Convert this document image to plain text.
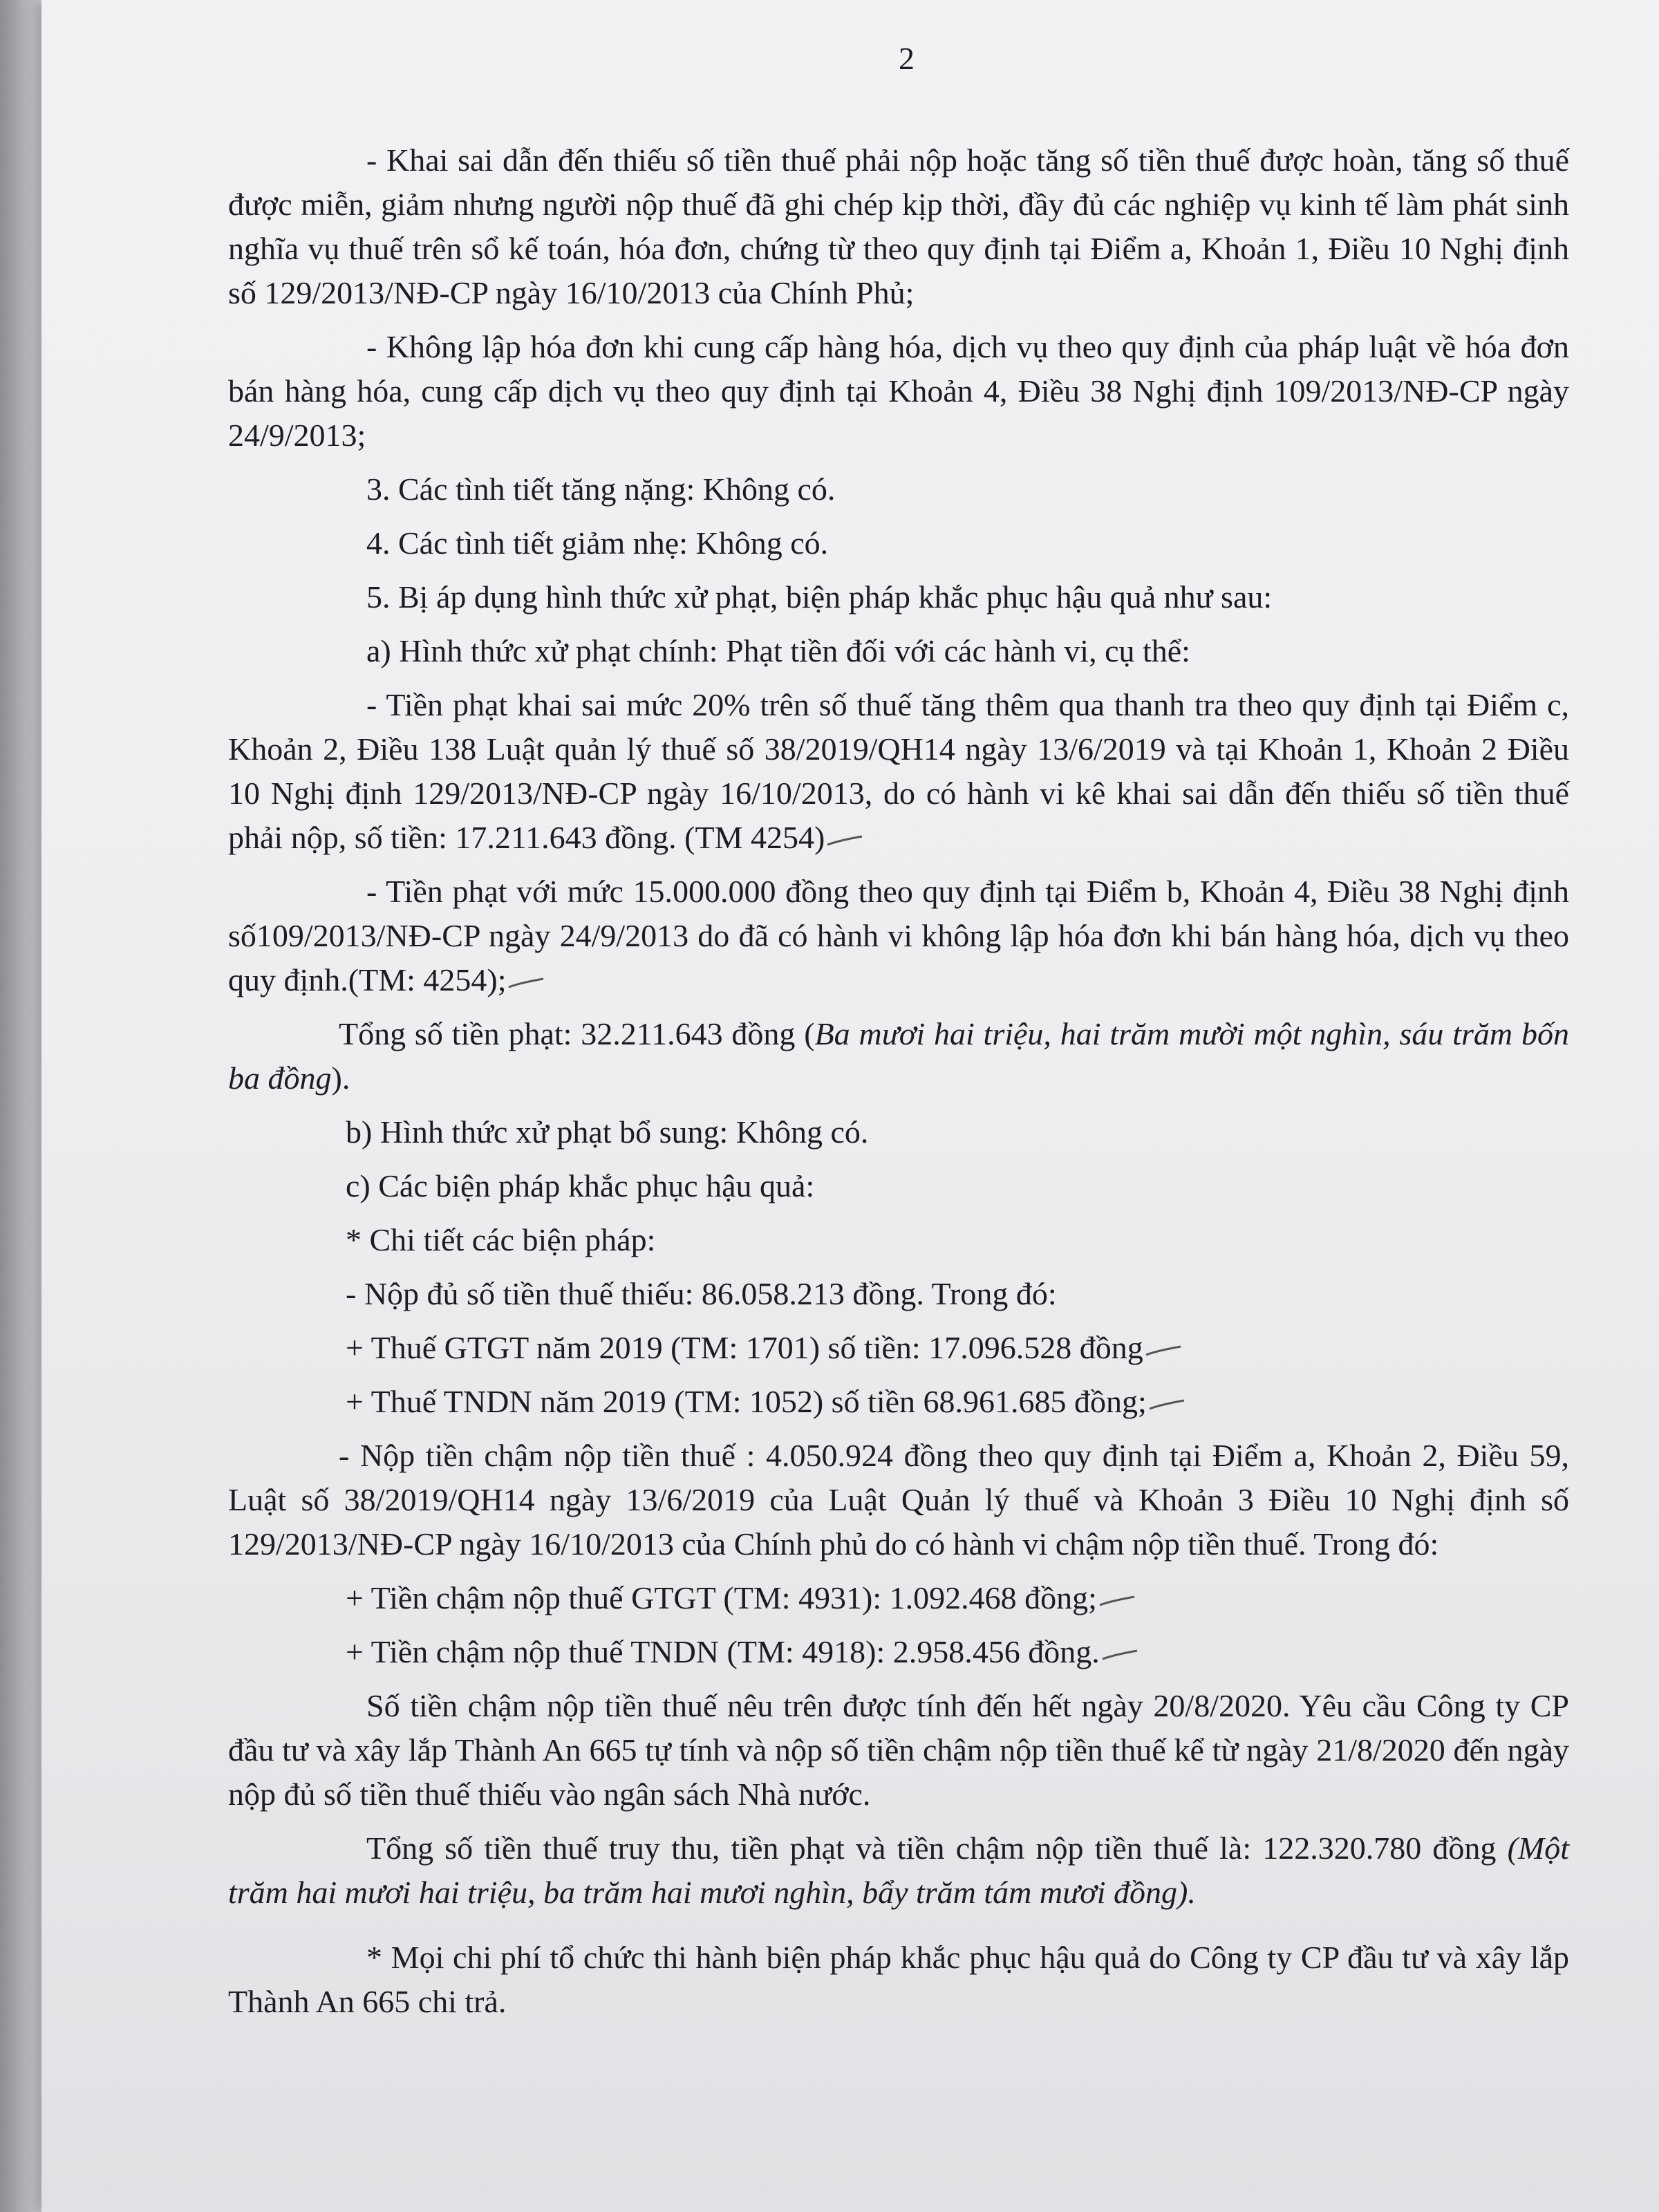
2

- Khai sai dẫn đến thiếu số tiền thuế phải nộp hoặc tăng số tiền thuế được hoàn, tăng số thuế được miễn, giảm nhưng người nộp thuế đã ghi chép kịp thời, đầy đủ các nghiệp vụ kinh tế làm phát sinh nghĩa vụ thuế trên sổ kế toán, hóa đơn, chứng từ theo quy định tại Điểm a, Khoản 1, Điều 10 Nghị định số 129/2013/NĐ-CP ngày 16/10/2013 của Chính Phủ;

- Không lập hóa đơn khi cung cấp hàng hóa, dịch vụ theo quy định của pháp luật về hóa đơn bán hàng hóa, cung cấp dịch vụ theo quy định tại Khoản 4, Điều 38 Nghị định 109/2013/NĐ-CP ngày 24/9/2013;

3. Các tình tiết tăng nặng: Không có.

4. Các tình tiết giảm nhẹ: Không có.

5. Bị áp dụng hình thức xử phạt, biện pháp khắc phục hậu quả như sau:

a) Hình thức xử phạt chính: Phạt tiền đối với các hành vi, cụ thể:

- Tiền phạt khai sai mức 20% trên số thuế tăng thêm qua thanh tra theo quy định tại Điểm c, Khoản 2, Điều 138 Luật quản lý thuế số 38/2019/QH14 ngày 13/6/2019 và tại Khoản 1, Khoản 2 Điều 10 Nghị định 129/2013/NĐ-CP ngày 16/10/2013, do có hành vi kê khai sai dẫn đến thiếu số tiền thuế phải nộp, số tiền: 17.211.643 đồng. (TM 4254)

- Tiền phạt với mức 15.000.000 đồng theo quy định tại Điểm b, Khoản 4, Điều 38 Nghị định số109/2013/NĐ-CP ngày 24/9/2013 do đã có hành vi không lập hóa đơn khi bán hàng hóa, dịch vụ theo quy định.(TM: 4254);

Tổng số tiền phạt: 32.211.643 đồng (Ba mươi hai triệu, hai trăm mười một nghìn, sáu trăm bốn ba đồng).

b) Hình thức xử phạt bổ sung: Không có.

c) Các biện pháp khắc phục hậu quả:

* Chi tiết các biện pháp:

- Nộp đủ số tiền thuế thiếu: 86.058.213 đồng. Trong đó:

+ Thuế GTGT năm 2019 (TM: 1701) số tiền: 17.096.528 đồng

+ Thuế TNDN năm 2019 (TM: 1052) số tiền 68.961.685 đồng;

- Nộp tiền chậm nộp tiền thuế : 4.050.924 đồng theo quy định tại Điểm a, Khoản 2, Điều 59, Luật số 38/2019/QH14 ngày 13/6/2019 của Luật Quản lý thuế và Khoản 3 Điều 10 Nghị định số 129/2013/NĐ-CP ngày 16/10/2013 của Chính phủ do có hành vi chậm nộp tiền thuế. Trong đó:

+ Tiền chậm nộp thuế GTGT (TM: 4931): 1.092.468 đồng;

+ Tiền chậm nộp thuế TNDN (TM: 4918): 2.958.456 đồng.

Số tiền chậm nộp tiền thuế nêu trên được tính đến hết ngày 20/8/2020. Yêu cầu Công ty CP đầu tư và xây lắp Thành An 665 tự tính và nộp số tiền chậm nộp tiền thuế kể từ ngày 21/8/2020 đến ngày nộp đủ số tiền thuế thiếu vào ngân sách Nhà nước.

Tổng số tiền thuế truy thu, tiền phạt và tiền chậm nộp tiền thuế là: 122.320.780 đồng (Một trăm hai mươi hai triệu, ba trăm hai mươi nghìn, bẩy trăm tám mươi đồng).

* Mọi chi phí tổ chức thi hành biện pháp khắc phục hậu quả do Công ty CP đầu tư và xây lắp Thành An 665 chi trả.
